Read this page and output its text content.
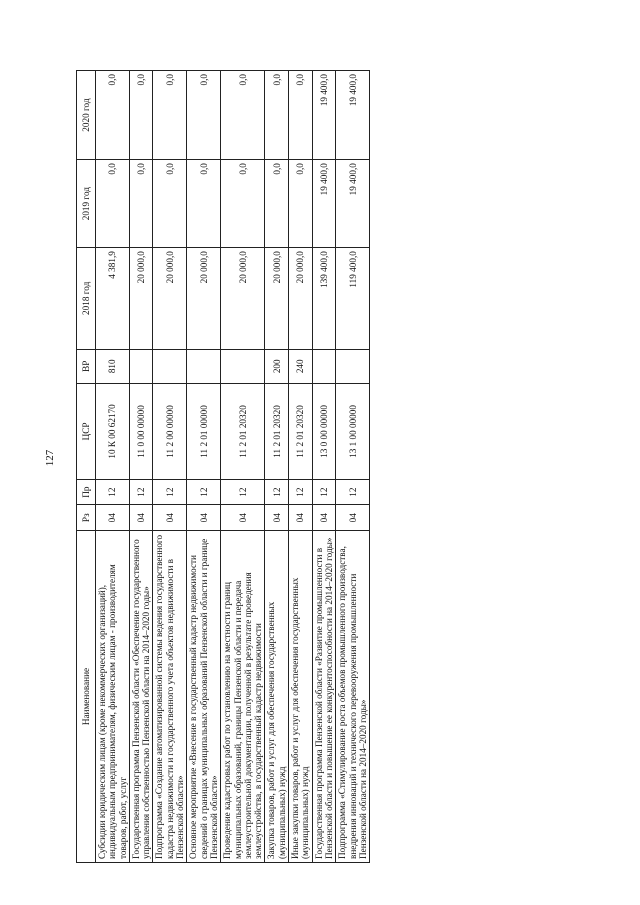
127
Наименование	Рз	Пр	ЦСР	ВР	2018 год	2019 год	2020 год
Субсидии юридическим лицам (кроме некоммерческих организаций), индивидуальным предпринимателям, физическим лицам - производителям товаров, работ, услуг	04	12	10 К 00 62170	810	4 381,9	0,0	0,0
Государственная программа Пензенской области «Обеспечение государственного управления собственностью Пензенской области на 2014–2020 годы»	04	12	11 0 00 00000		20 000,0	0,0	0,0
Подпрограмма «Создание автоматизированной системы ведения государственного кадастра недвижимости и государственного учета объектов недвижимости в Пензенской области»	04	12	11 2 00 00000		20 000,0	0,0	0,0
Основное мероприятие «Внесение в государственный кадастр недвижимости сведений о границах муниципальных образований Пензенской области и границе Пензенской области»	04	12	11 2 01 00000		20 000,0	0,0	0,0
Проведение кадастровых работ по установлению на местности границ муниципальных образований, границы Пензенской области и передача землеустроительной документации, полученной в результате проведения землеустройства, в государственный кадастр недвижимости	04	12	11 2 01 20320		20 000,0	0,0	0,0
Закупка товаров, работ и услуг для обеспечения государственных (муниципальных) нужд	04	12	11 2 01 20320	200	20 000,0	0,0	0,0
Иные закупки товаров, работ и услуг для обеспечения государственных (муниципальных) нужд	04	12	11 2 01 20320	240	20 000,0	0,0	0,0
Государственная программа Пензенской области «Развитие промышленности в Пензенской области и повышение ее конкурентоспособности на 2014–2020 годы»	04	12	13 0 00 00000		139 400,0	19 400,0	19 400,0
Подпрограмма «Стимулирование роста объемов промышленного производства, внедрения инноваций и технического перевооружения промышленности Пензенской области на 2014–2020 годы»	04	12	13 1 00 00000		119 400,0	19 400,0	19 400,0
